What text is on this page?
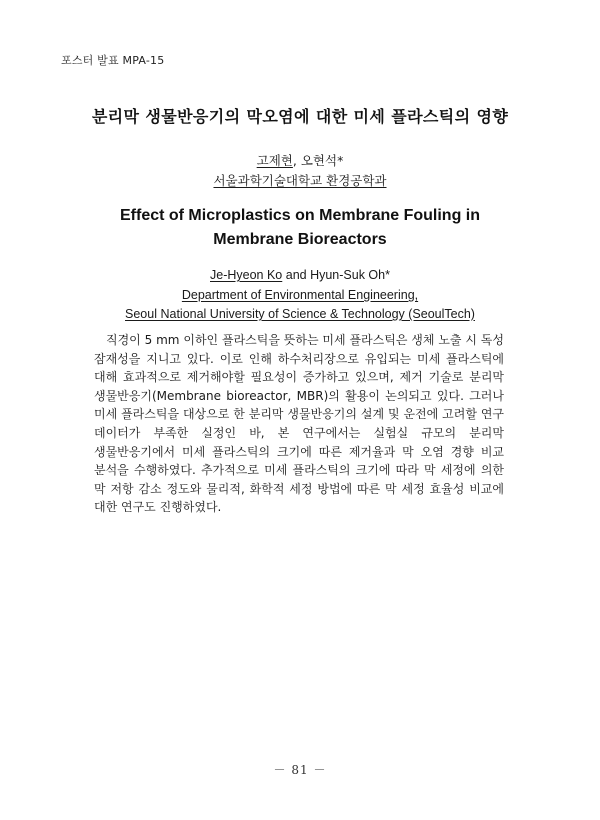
포스터 발표 MPA-15
분리막 생물반응기의 막오염에 대한 미세 플라스틱의 영향
고제현, 오현석*
서울과학기술대학교 환경공학과
Effect of Microplastics on Membrane Fouling in Membrane Bioreactors
Je-Hyeon Ko and Hyun-Suk Oh*
Department of Environmental Engineering,
Seoul National University of Science & Technology (SeoulTech)

직경이 5 mm 이하인 플라스틱을 뜻하는 미세 플라스틱은 생체 노출 시 독성 잠재성을 지니고 있다. 이로 인해 하수처리장으로 유입되는 미세 플라스틱에 대해 효과적으로 제거해야할 필요성이 증가하고 있으며, 제거 기술로 분리막 생물반응기(Membrane bioreactor, MBR)의 활용이 논의되고 있다. 그러나 미세 플라스틱을 대상으로 한 분리막 생물반응기의 설계 및 운전에 고려할 연구 데이터가 부족한 실정인 바, 본 연구에서는 실험실 규모의 분리막 생물반응기에서 미세 플라스틱의 크기에 따른 제거율과 막 오염 경향 비교 분석을 수행하였다. 추가적으로 미세 플라스틱의 크기에 따라 막 세정에 의한 막 저항 감소 정도와 물리적, 화학적 세정 방법에 따른 막 세정 효율성 비교에 대한 연구도 진행하였다.

－ 81 －
